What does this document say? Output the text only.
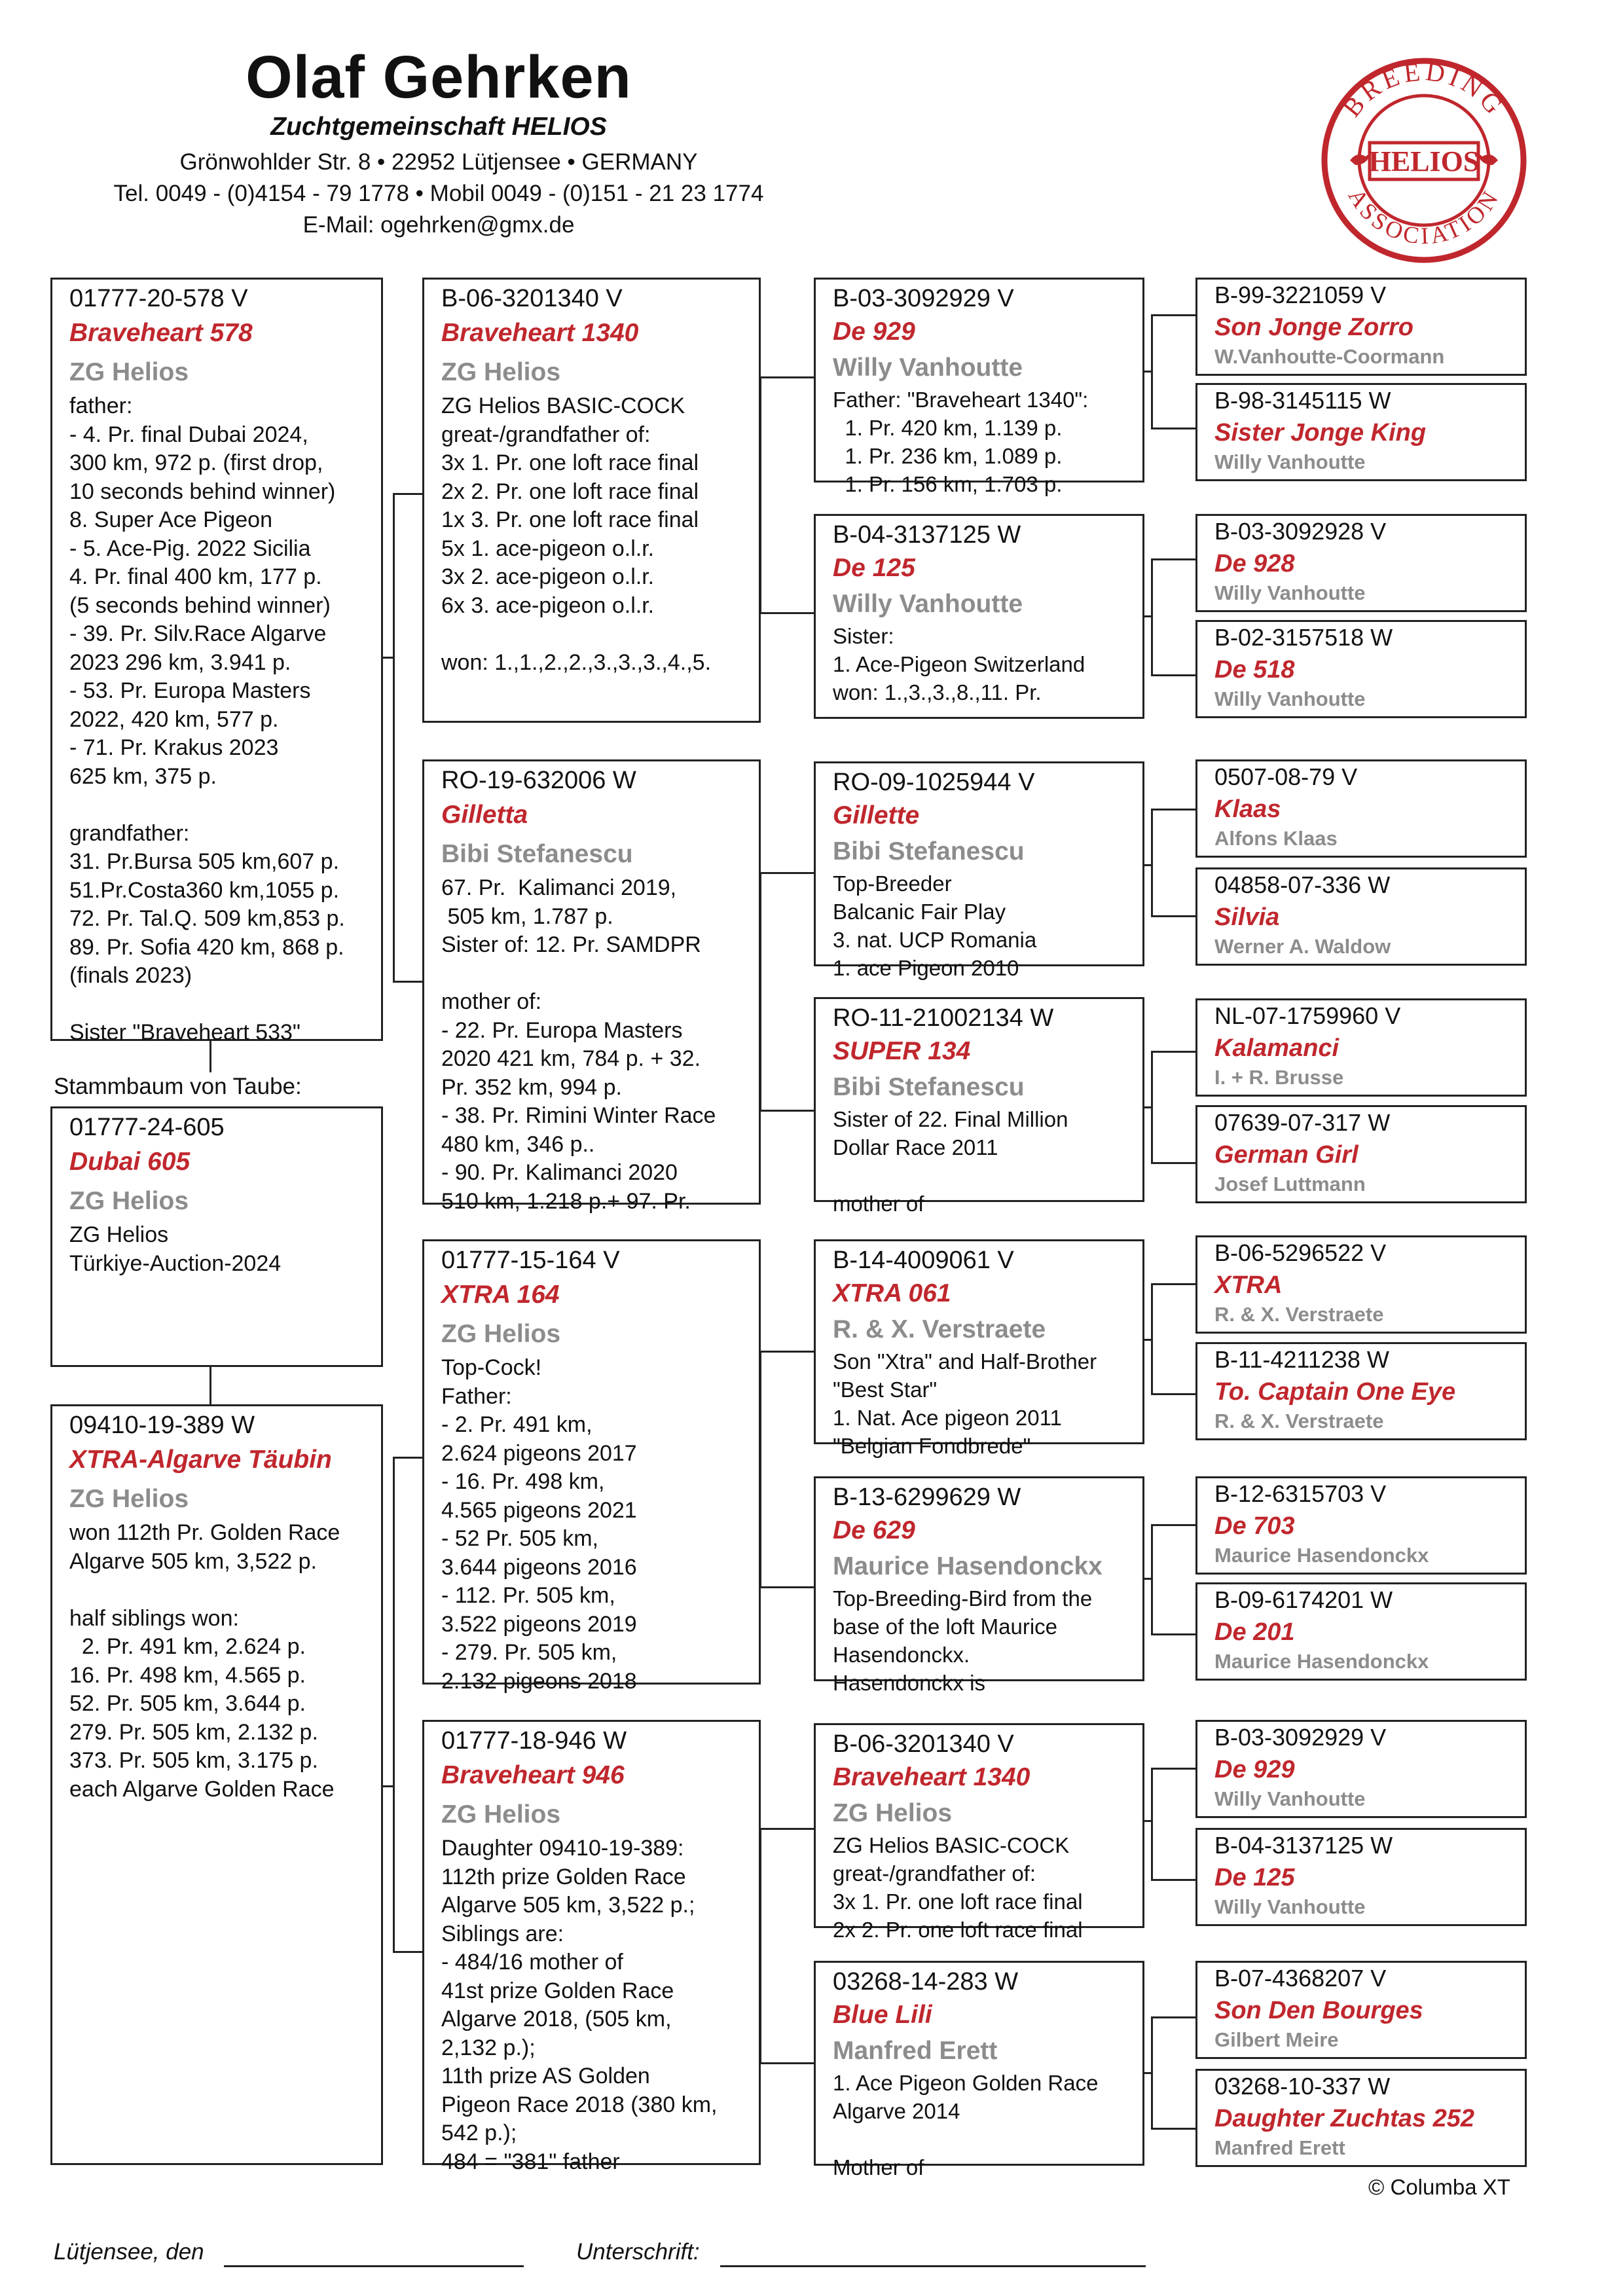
Olaf Gehrken
Zuchtgemeinschaft HELIOS
Grönwohlder Str. 8 • 22952 Lütjensee • GERMANY
Tel. 0049 - (0)4154 - 79 1778 • Mobil 0049 - (0)151 - 21 23 1774
E-Mail: ogehrken@gmx.de
BREEDING
ASSOCIATION
HELIOS
01777-20-578 V
Braveheart 578
ZG Helios
father:
- 4. Pr. final Dubai 2024,
300 km, 972 p. (first drop,
10 seconds behind winner)
8. Super Ace Pigeon
- 5. Ace-Pig. 2022 Sicilia
4. Pr. final 400 km, 177 p.
(5 seconds behind winner)
- 39. Pr. Silv.Race Algarve
2023 296 km, 3.941 p.
- 53. Pr. Europa Masters
2022, 420 km, 577 p.
- 71. Pr. Krakus 2023
625 km, 375 p.

grandfather:
31. Pr.Bursa 505 km,607 p.
51.Pr.Costa360 km,1055 p.
72. Pr. Tal.Q. 509 km,853 p.
89. Pr. Sofia 420 km, 868 p.
(finals 2023)

Sister "Braveheart 533"
Stammbaum von Taube:
01777-24-605
Dubai 605
ZG Helios
ZG Helios
Türkiye-Auction-2024
09410-19-389 W
XTRA-Algarve Täubin
ZG Helios
won 112th Pr. Golden Race
Algarve 505 km, 3,522 p.

half siblings won:
2. Pr. 491 km, 2.624 p.
16. Pr. 498 km, 4.565 p.
52. Pr. 505 km, 3.644 p.
279. Pr. 505 km, 2.132 p.
373. Pr. 505 km, 3.175 p.
each Algarve Golden Race
B-06-3201340 V
Braveheart 1340
ZG Helios
ZG Helios BASIC-COCK
great-/grandfather of:
3x 1. Pr. one loft race final
2x 2. Pr. one loft race final
1x 3. Pr. one loft race final
5x 1. ace-pigeon o.l.r.
3x 2. ace-pigeon o.l.r.
6x 3. ace-pigeon o.l.r.

won: 1.,1.,2.,2.,3.,3.,3.,4.,5.
RO-19-632006 W
Gilletta
Bibi Stefanescu
67. Pr.  Kalimanci 2019,
505 km, 1.787 p.
Sister of: 12. Pr. SAMDPR

mother of:
- 22. Pr. Europa Masters
2020 421 km, 784 p. + 32.
Pr. 352 km, 994 p.
- 38. Pr. Rimini Winter Race
480 km, 346 p..
- 90. Pr. Kalimanci 2020
510 km, 1.218 p.+ 97. Pr.
01777-15-164 V
XTRA 164
ZG Helios
Top-Cock!
Father:
- 2. Pr. 491 km,
2.624 pigeons 2017
- 16. Pr. 498 km,
4.565 pigeons 2021
- 52 Pr. 505 km,
3.644 pigeons 2016
- 112. Pr. 505 km,
3.522 pigeons 2019
- 279. Pr. 505 km,
2.132 pigeons 2018
01777-18-946 W
Braveheart 946
ZG Helios
Daughter 09410-19-389:
112th prize Golden Race
Algarve 505 km, 3,522 p.;
Siblings are:
- 484/16 mother of
41st prize Golden Race
Algarve 2018, (505 km,
2,132 p.);
11th prize AS Golden
Pigeon Race 2018 (380 km,
542 p.);
484 = "381" father
B-03-3092929 V
De 929
Willy Vanhoutte
Father: "Braveheart 1340":
1. Pr. 420 km, 1.139 p.
1. Pr. 236 km, 1.089 p.
1. Pr. 156 km, 1.703 p.
B-04-3137125 W
De 125
Willy Vanhoutte
Sister:
1. Ace-Pigeon Switzerland
won: 1.,3.,3.,8.,11. Pr.
RO-09-1025944 V
Gillette
Bibi Stefanescu
Top-Breeder
Balcanic Fair Play
3. nat. UCP Romania
1. ace Pigeon 2010
RO-11-21002134 W
SUPER 134
Bibi Stefanescu
Sister of 22. Final Million
Dollar Race 2011

mother of
B-14-4009061 V
XTRA 061
R. & X. Verstraete
Son "Xtra" and Half-Brother
"Best Star"
1. Nat. Ace pigeon 2011
"Belgian Fondbrede"
B-13-6299629 W
De 629
Maurice Hasendonckx
Top-Breeding-Bird from the
base of the loft Maurice
Hasendonckx.
Hasendonckx is
B-06-3201340 V
Braveheart 1340
ZG Helios
ZG Helios BASIC-COCK
great-/grandfather of:
3x 1. Pr. one loft race final
2x 2. Pr. one loft race final
03268-14-283 W
Blue Lili
Manfred Erett
1. Ace Pigeon Golden Race
Algarve 2014

Mother of
B-99-3221059 V
Son Jonge Zorro
W.Vanhoutte-Coormann
B-98-3145115 W
Sister Jonge King
Willy Vanhoutte
B-03-3092928 V
De 928
Willy Vanhoutte
B-02-3157518 W
De 518
Willy Vanhoutte
0507-08-79 V
Klaas
Alfons Klaas
04858-07-336 W
Silvia
Werner A. Waldow
NL-07-1759960 V
Kalamanci
I. + R. Brusse
07639-07-317 W
German Girl
Josef Luttmann
B-06-5296522 V
XTRA
R. & X. Verstraete
B-11-4211238 W
To. Captain One Eye
R. & X. Verstraete
B-12-6315703 V
De 703
Maurice Hasendonckx
B-09-6174201 W
De 201
Maurice Hasendonckx
B-03-3092929 V
De 929
Willy Vanhoutte
B-04-3137125 W
De 125
Willy Vanhoutte
B-07-4368207 V
Son Den Bourges
Gilbert Meire
03268-10-337 W
Daughter Zuchtas 252
Manfred Erett
© Columba XT
Lütjensee, den	Unterschrift:
